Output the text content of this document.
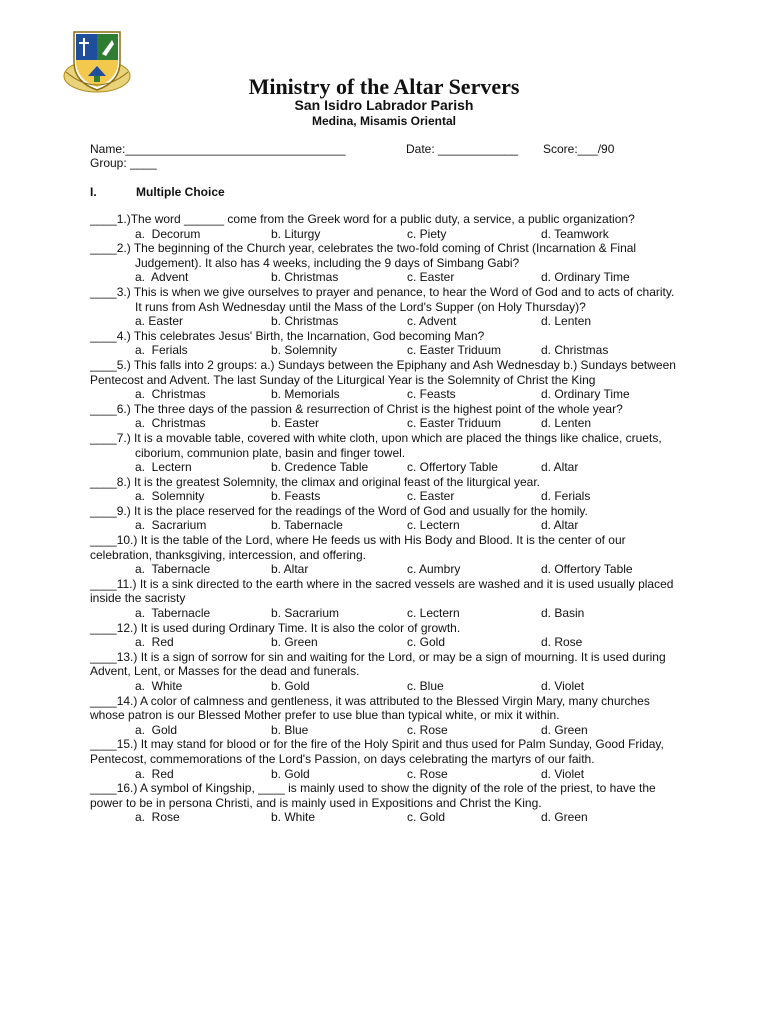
Ministry of the Altar Servers
San Isidro Labrador Parish
Medina, Misamis Oriental
Name:_________________________________	Date: ____________ Score:___/90
Group: ____
I.	Multiple Choice
____1.)The word ______ come from the Greek word for a public duty, a service, a public organization?
a.  Decorum	b. Liturgy	c. Piety	d. Teamwork
____2.) The beginning of the Church year, celebrates the two-fold coming of Christ (Incarnation & Final Judgement). It also has 4 weeks, including the 9 days of Simbang Gabi?
a.  Advent	b. Christmas	c. Easter	d. Ordinary Time
____3.) This is when we give ourselves to prayer and penance, to hear the Word of God and to acts of charity. It runs from Ash Wednesday until the Mass of the Lord's Supper (on Holy Thursday)?
a. Easter	b. Christmas	c. Advent	d. Lenten
____4.) This celebrates Jesus' Birth, the Incarnation, God becoming Man?
a.  Ferials	b. Solemnity	c. Easter Triduum	d. Christmas
____5.) This falls into 2 groups: a.) Sundays between the Epiphany and Ash Wednesday b.) Sundays between Pentecost and Advent. The last Sunday of the Liturgical Year is the Solemnity of Christ the King
a.  Christmas	b. Memorials	c. Feasts	d. Ordinary Time
____6.) The three days of the passion & resurrection of Christ is the highest point of the whole year?
a.  Christmas	b. Easter	c. Easter Triduum	d. Lenten
____7.) It is a movable table, covered with white cloth, upon which are placed the things like chalice, cruets, ciborium, communion plate, basin and finger towel.
a.  Lectern	b. Credence Table	c. Offertory Table	d. Altar
____8.) It is the greatest Solemnity, the climax and original feast of the liturgical year.
a.  Solemnity	b. Feasts	c. Easter	d. Ferials
____9.) It is the place reserved for the readings of the Word of God and usually for the homily.
a.  Sacrarium	b. Tabernacle	c. Lectern	d. Altar
____10.) It is the table of the Lord, where He feeds us with His Body and Blood. It is the center of our celebration, thanksgiving, intercession, and offering.
a.  Tabernacle	b. Altar	c. Aumbry	d. Offertory Table
____11.) It is a sink directed to the earth where in the sacred vessels are washed and it is used usually placed inside the sacristy
a.  Tabernacle	b. Sacrarium	c. Lectern	d. Basin
____12.) It is used during Ordinary Time. It is also the color of growth.
a.  Red	b. Green	c. Gold	d. Rose
____13.) It is a sign of sorrow for sin and waiting for the Lord, or may be a sign of mourning. It is used during Advent, Lent, or Masses for the dead and funerals.
a.  White	b. Gold	c. Blue	d. Violet
____14.) A color of calmness and gentleness, it was attributed to the Blessed Virgin Mary, many churches whose patron is our Blessed Mother prefer to use blue than typical white, or mix it within.
a.  Gold	b. Blue	c. Rose	d. Green
____15.) It may stand for blood or for the fire of the Holy Spirit and thus used for Palm Sunday, Good Friday, Pentecost, commemorations of the Lord's Passion, on days celebrating the martyrs of our faith.
a.  Red	b. Gold	c. Rose	d. Violet
____16.) A symbol of Kingship, ____ is mainly used to show the dignity of the role of the priest, to have the power to be in persona Christi, and is mainly used in Expositions and Christ the King.
a.  Rose	b. White	c. Gold	d. Green
